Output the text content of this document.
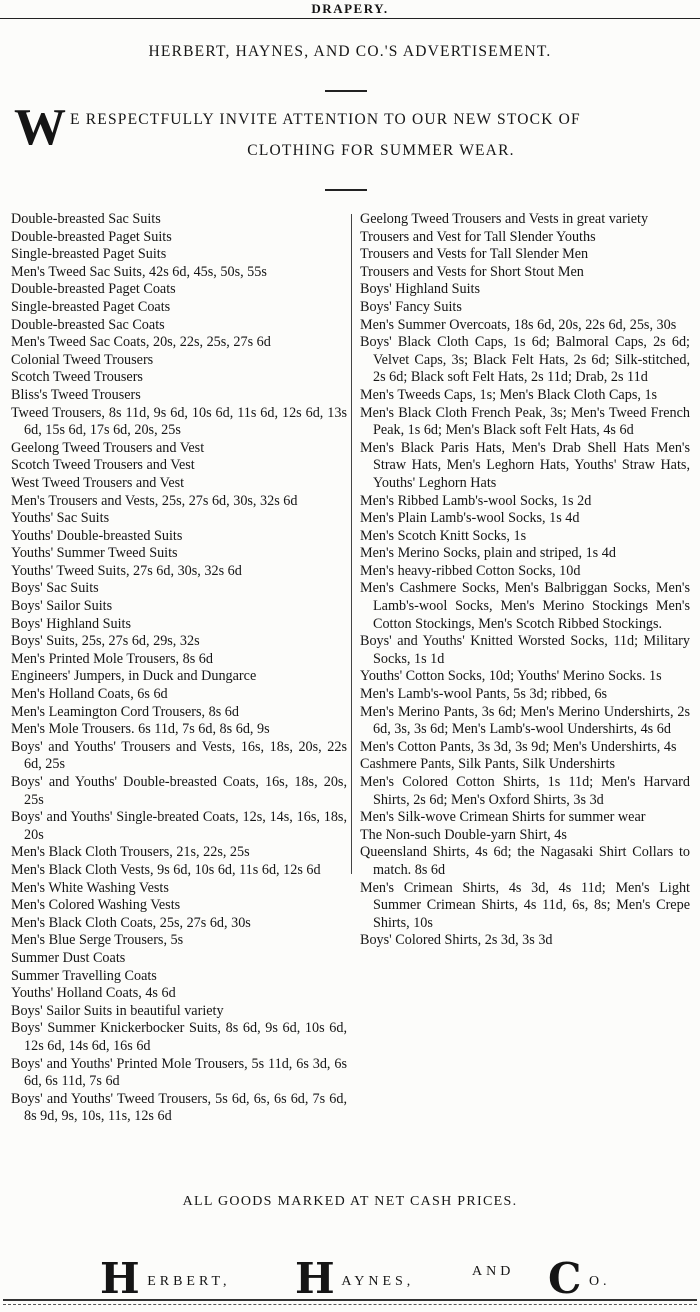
DRAPERY.
HERBERT, HAYNES, AND CO.'S ADVERTISEMENT.
W E RESPECTFULLY INVITE ATTENTION TO OUR NEW STOCK OF
CLOTHING FOR SUMMER WEAR.
Double-breasted Sac Suits
Double-breasted Paget Suits
Single-breasted Paget Suits
Men's Tweed Sac Suits, 42s 6d, 45s, 50s, 55s
Double-breasted Paget Coats
Single-breasted Paget Coats
Double-breasted Sac Coats
Men's Tweed Sac Coats, 20s, 22s, 25s, 27s 6d
Colonial Tweed Trousers
Scotch Tweed Trousers
Bliss's Tweed Trousers
Tweed Trousers, 8s 11d, 9s 6d, 10s 6d, 11s 6d, 12s 6d, 13s 6d, 15s 6d, 17s 6d, 20s, 25s
Geelong Tweed Trousers and Vest
Scotch Tweed Trousers and Vest
West Tweed Trousers and Vest
Men's Trousers and Vests, 25s, 27s 6d, 30s, 32s 6d
Youths' Sac Suits
Youths' Double-breasted Suits
Youths' Summer Tweed Suits
Youths' Tweed Suits, 27s 6d, 30s, 32s 6d
Boys' Sac Suits
Boys' Sailor Suits
Boys' Highland Suits
Boys' Suits, 25s, 27s 6d, 29s, 32s
Men's Printed Mole Trousers, 8s 6d
Engineers' Jumpers, in Duck and Dungarce
Men's Holland Coats, 6s 6d
Men's Leamington Cord Trousers, 8s 6d
Men's Mole Trousers. 6s 11d, 7s 6d, 8s 6d, 9s
Boys' and Youths' Trousers and Vests, 16s, 18s, 20s, 22s 6d, 25s
Boys' and Youths' Double-breasted Coats, 16s, 18s, 20s, 25s
Boys' and Youths' Single-breated Coats, 12s, 14s, 16s, 18s, 20s
Men's Black Cloth Trousers, 21s, 22s, 25s
Men's Black Cloth Vests, 9s 6d, 10s 6d, 11s 6d, 12s 6d
Men's White Washing Vests
Men's Colored Washing Vests
Men's Black Cloth Coats, 25s, 27s 6d, 30s
Men's Blue Serge Trousers, 5s
Summer Dust Coats
Summer Travelling Coats
Youths' Holland Coats, 4s 6d
Boys' Sailor Suits in beautiful variety
Boys' Summer Knickerbocker Suits, 8s 6d, 9s 6d, 10s 6d, 12s 6d, 14s 6d, 16s 6d
Boys' and Youths' Printed Mole Trousers, 5s 11d, 6s 3d, 6s 6d, 6s 11d, 7s 6d
Boys' and Youths' Tweed Trousers, 5s 6d, 6s, 6s 6d, 7s 6d, 8s 9d, 9s, 10s, 11s, 12s 6d
Geelong Tweed Trousers and Vests in great variety
Trousers and Vest for Tall Slender Youths
Trousers and Vests for Tall Slender Men
Trousers and Vests for Short Stout Men
Boys' Highland Suits
Boys' Fancy Suits
Men's Summer Overcoats, 18s 6d, 20s, 22s 6d, 25s, 30s
Boys' Black Cloth Caps, 1s 6d; Balmoral Caps, 2s 6d; Velvet Caps, 3s; Black Felt Hats, 2s 6d; Silk-stitched, 2s 6d; Black soft Felt Hats, 2s 11d; Drab, 2s 11d
Men's Tweeds Caps, 1s; Men's Black Cloth Caps, 1s
Men's Black Cloth French Peak, 3s; Men's Tweed French Peak, 1s 6d; Men's Black soft Felt Hats, 4s 6d
Men's Black Paris Hats, Men's Drab Shell Hats Men's Straw Hats, Men's Leghorn Hats, Youths' Straw Hats, Youths' Leghorn Hats
Men's Ribbed Lamb's-wool Socks, 1s 2d
Men's Plain Lamb's-wool Socks, 1s 4d
Men's Scotch Knitt Socks, 1s
Men's Merino Socks, plain and striped, 1s 4d
Men's heavy-ribbed Cotton Socks, 10d
Men's Cashmere Socks, Men's Balbriggan Socks, Men's Lamb's-wool Socks, Men's Merino Stockings Men's Cotton Stockings, Men's Scotch Ribbed Stockings.
Boys' and Youths' Knitted Worsted Socks, 11d; Military Socks, 1s 1d
Youths' Cotton Socks, 10d; Youths' Merino Socks. 1s
Men's Lamb's-wool Pants, 5s 3d; ribbed, 6s
Men's Merino Pants, 3s 6d; Men's Merino Undershirts, 2s 6d, 3s, 3s 6d; Men's Lamb's-wool Undershirts, 4s 6d
Men's Cotton Pants, 3s 3d, 3s 9d; Men's Undershirts, 4s
Cashmere Pants, Silk Pants, Silk Undershirts
Men's Colored Cotton Shirts, 1s 11d; Men's Harvard Shirts, 2s 6d; Men's Oxford Shirts, 3s 3d
Men's Silk-wove Crimean Shirts for summer wear
The Non-such Double-yarn Shirt, 4s
Queensland Shirts, 4s 6d; the Nagasaki Shirt Collars to match. 8s 6d
Men's Crimean Shirts, 4s 3d, 4s 11d; Men's Light Summer Crimean Shirts, 4s 11d, 6s, 8s; Men's Crepe Shirts, 10s
Boys' Colored Shirts, 2s 3d, 3s 3d
ALL GOODS MARKED AT NET CASH PRICES.
H ERBERT, H AYNES,
AND C O.
